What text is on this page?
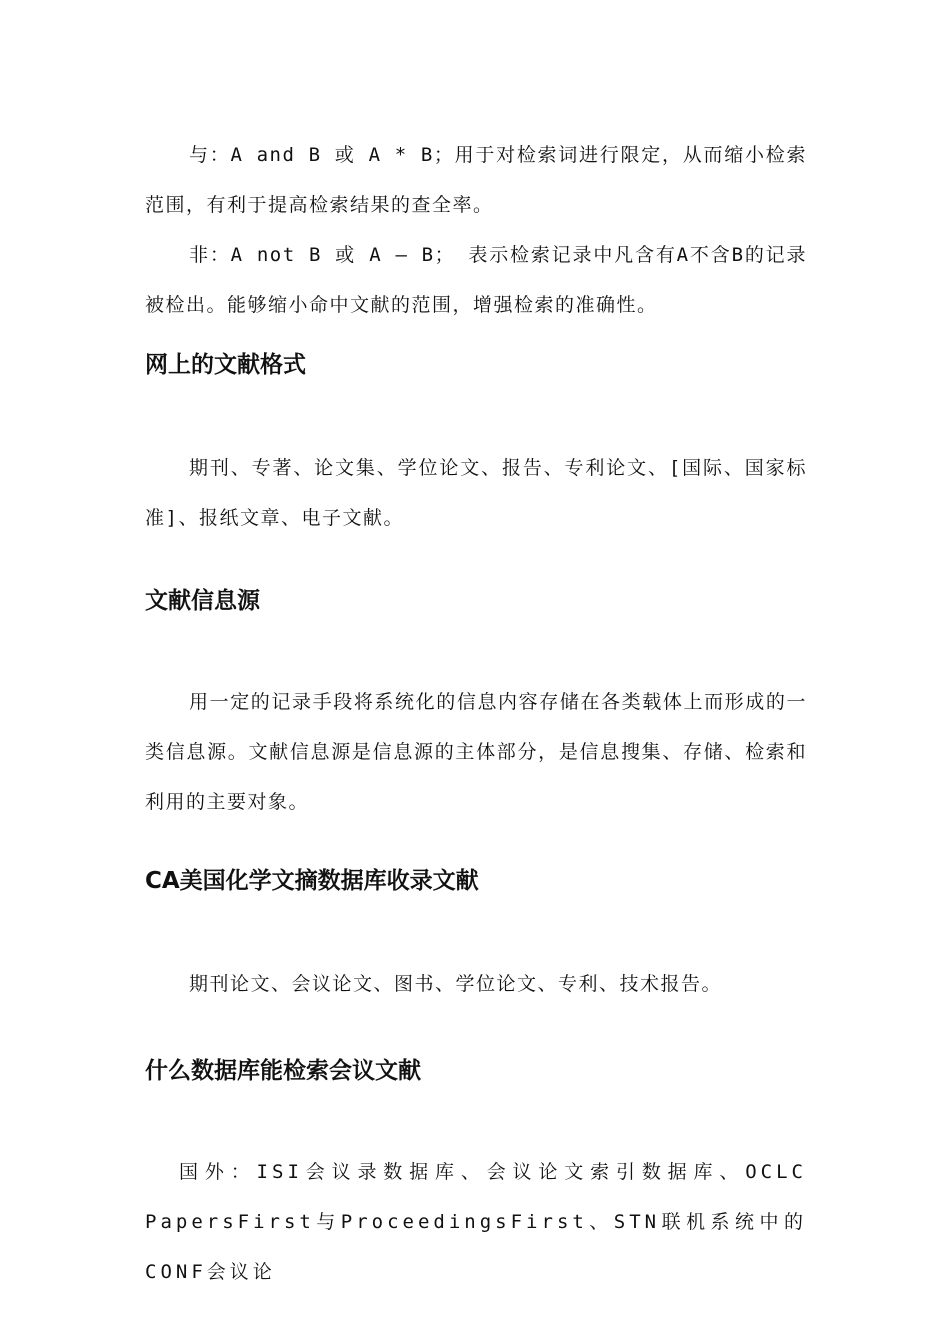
与：A and B 或 A * B；用于对检索词进行限定，从而缩小检索范围，有利于提高检索结果的查全率。

非：A not B 或 A – B； 表示检索记录中凡含有A不含B的记录被检出。能够缩小命中文献的范围，增强检索的准确性。

网上的文献格式

期刊、专著、论文集、学位论文、报告、专利论文、[国际、国家标准]、报纸文章、电子文献。

文献信息源

用一定的记录手段将系统化的信息内容存储在各类载体上而形成的一类信息源。文献信息源是信息源的主体部分，是信息搜集、存储、检索和利用的主要对象。

CA美国化学文摘数据库收录文献

期刊论文、会议论文、图书、学位论文、专利、技术报告。

什么数据库能检索会议文献

国外：ISI会议录数据库、会议论文索引数据库、OCLC PapersFirst与ProceedingsFirst、STN联机系统中的CONF会议论
